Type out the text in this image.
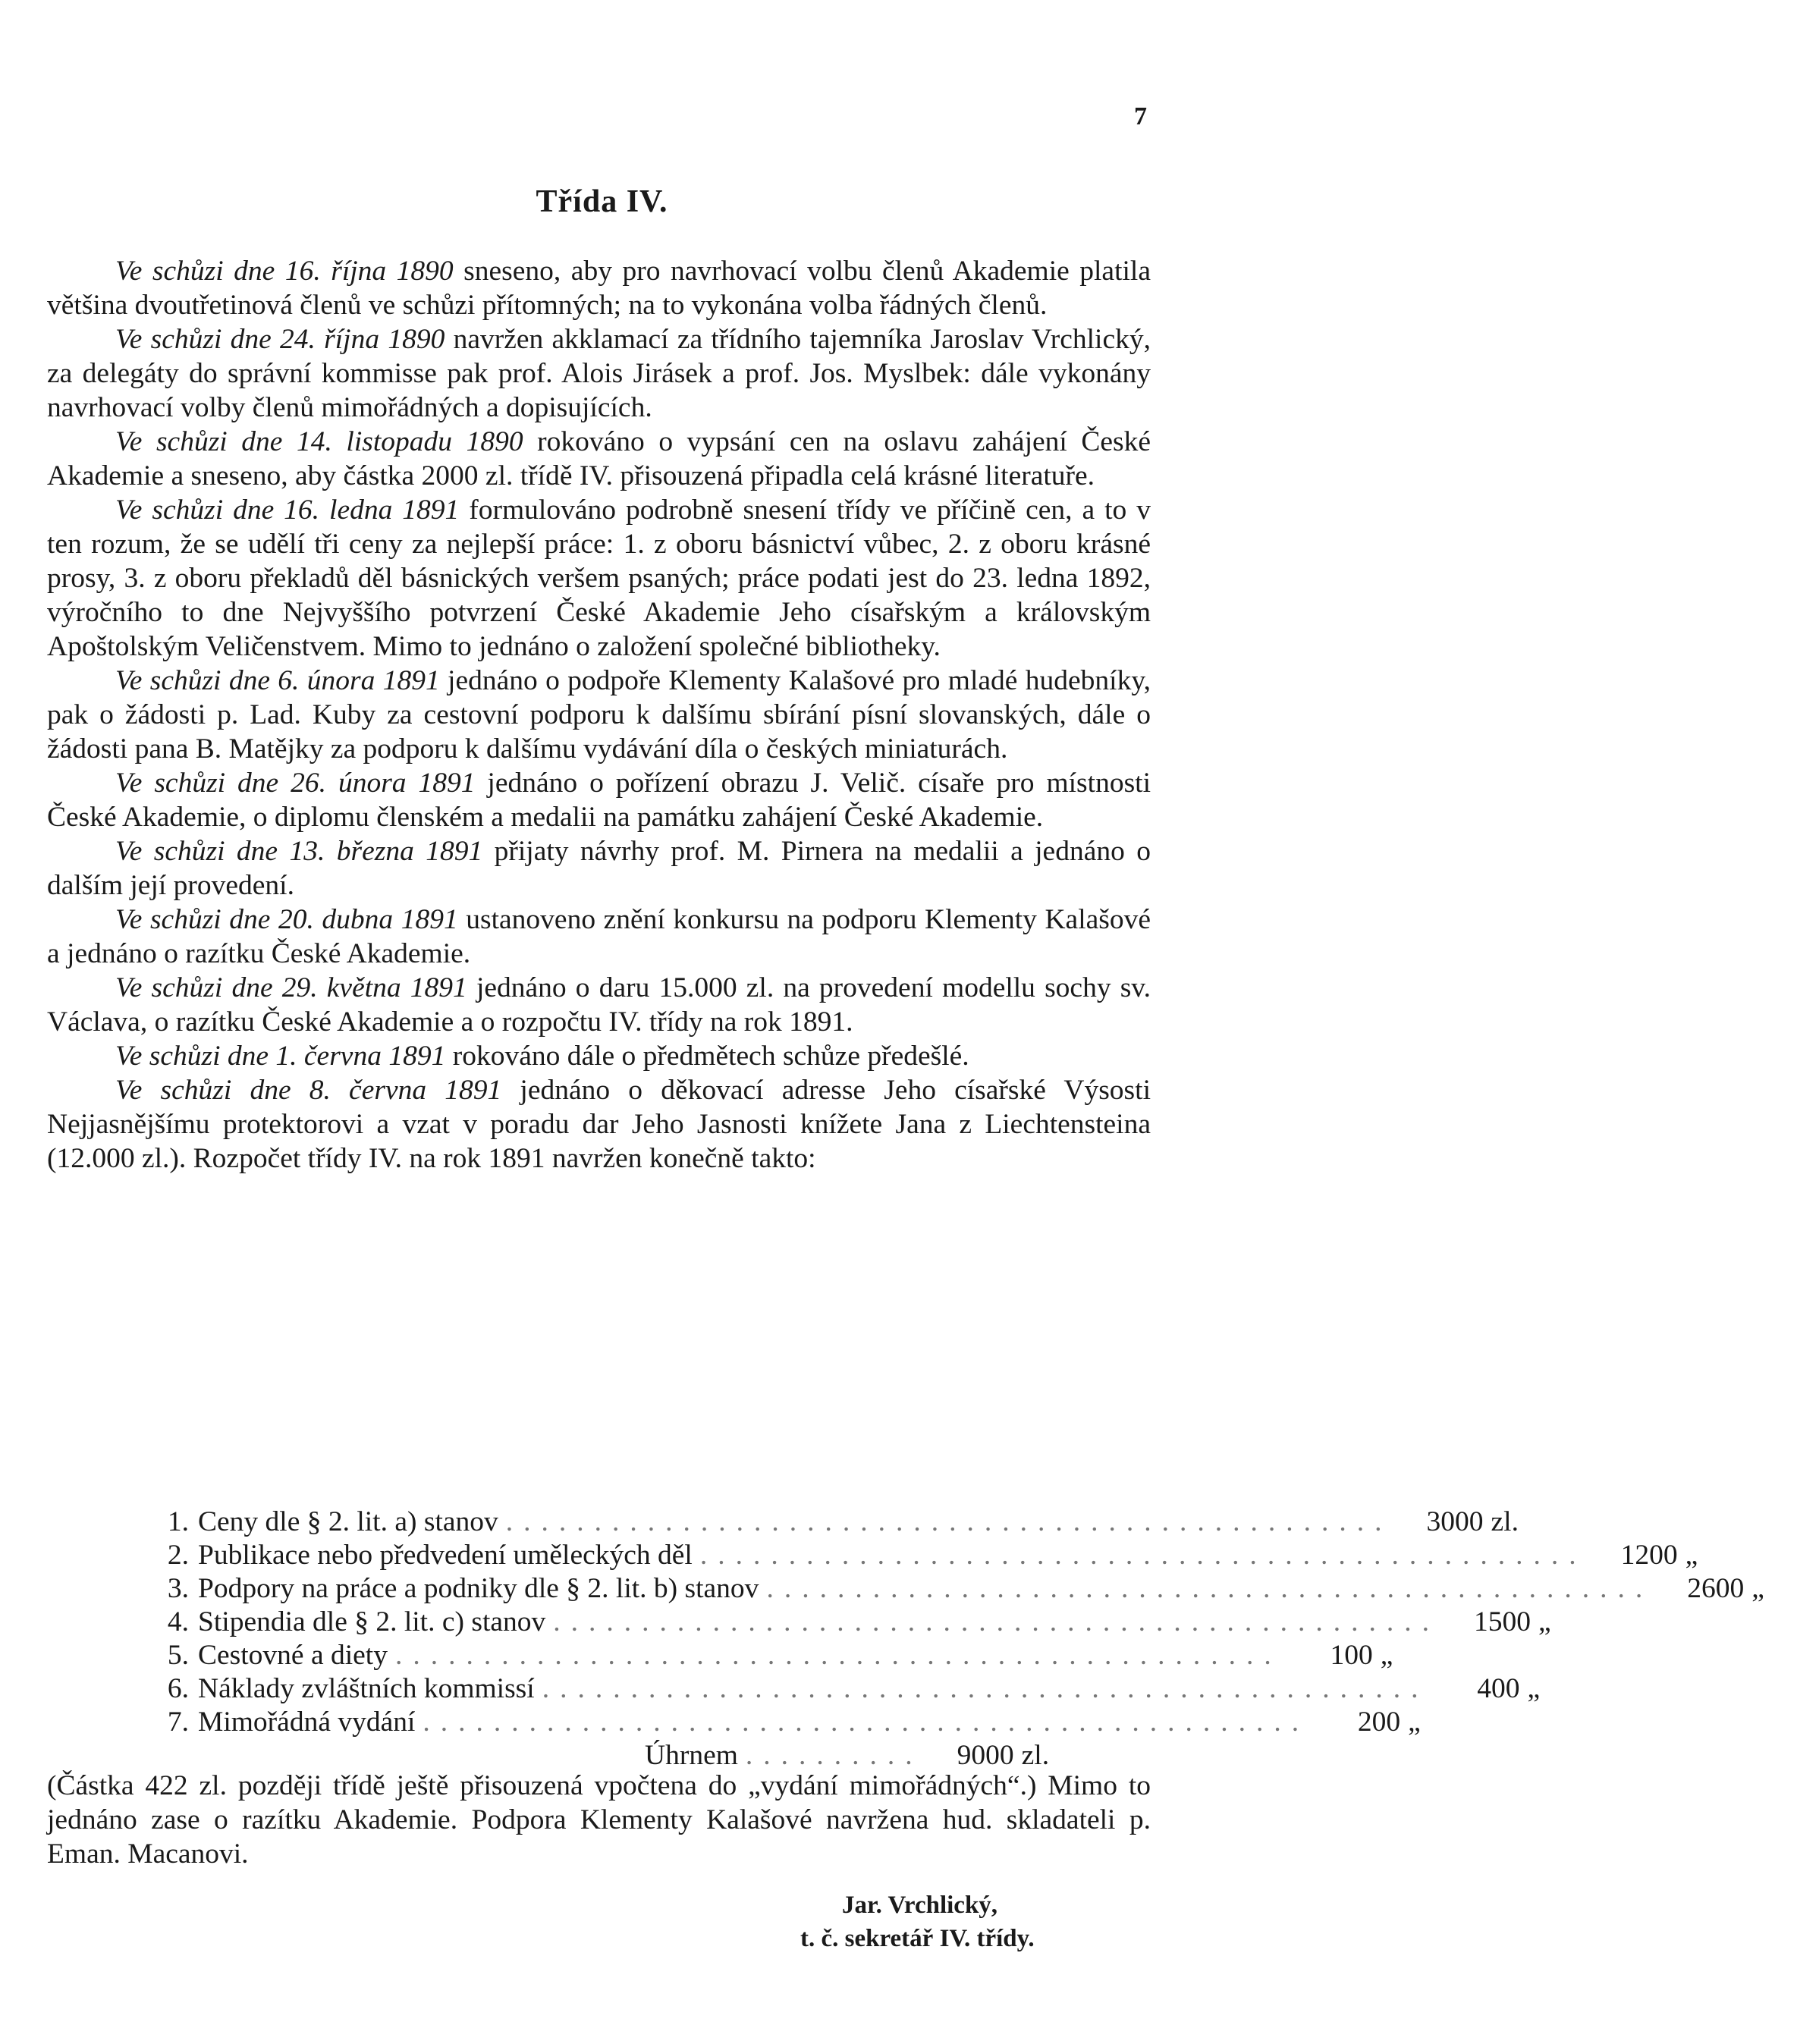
7
Třída IV.

Ve schůzi dne 16. října 1890 sneseno, aby pro navrhovací volbu členů Akademie platila většina dvoutřetinová členů ve schůzi přítomných; na to vykonána volba řádných členů.

Ve schůzi dne 24. října 1890 navržen akklamací za třídního tajemníka Jaroslav Vrchlický, za delegáty do správní kommisse pak prof. Alois Jirásek a prof. Jos. Myslbek: dále vykonány navrhovací volby členů mimořádných a dopisujících.

Ve schůzi dne 14. listopadu 1890 rokováno o vypsání cen na oslavu zahájení České Akademie a sneseno, aby částka 2000 zl. třídě IV. přisouzená připadla celá krásné literatuře.

Ve schůzi dne 16. ledna 1891 formulováno podrobně snesení třídy ve příčině cen, a to v ten rozum, že se udělí tři ceny za nejlepší práce: 1. z oboru básnictví vůbec, 2. z oboru krásné prosy, 3. z oboru překladů děl básnických veršem psaných; práce podati jest do 23. ledna 1892, výročního to dne Nejvyššího potvrzení České Akademie Jeho císařským a královským Apoštolským Veličenstvem. Mimo to jednáno o založení společné bibliotheky.

Ve schůzi dne 6. února 1891 jednáno o podpoře Klementy Kalašové pro mladé hudebníky, pak o žádosti p. Lad. Kuby za cestovní podporu k dalšímu sbírání písní slovanských, dále o žádosti pana B. Matějky za podporu k dalšímu vydávání díla o českých miniaturách.

Ve schůzi dne 26. února 1891 jednáno o pořízení obrazu J. Velič. císaře pro místnosti České Akademie, o diplomu členském a medalii na památku zahájení České Akademie.

Ve schůzi dne 13. března 1891 přijaty návrhy prof. M. Pirnera na medalii a jednáno o dalším její provedení.

Ve schůzi dne 20. dubna 1891 ustanoveno znění konkursu na podporu Klementy Kalašové a jednáno o razítku České Akademie.

Ve schůzi dne 29. května 1891 jednáno o daru 15.000 zl. na provedení modellu sochy sv. Václava, o razítku České Akademie a o rozpočtu IV. třídy na rok 1891.

Ve schůzi dne 1. června 1891 rokováno dále o předmětech schůze předešlé.

Ve schůzi dne 8. června 1891 jednáno o děkovací adresse Jeho císařské Výsosti Nejjasnějšímu protektorovi a vzat v poradu dar Jeho Jasnosti knížete Jana z Liechtensteina (12.000 zl.). Rozpočet třídy IV. na rok 1891 navržen konečně takto:

1. Ceny dle § 2. lit. a) stanov ..................................................	3000 zl.
2. Publikace nebo předvedení uměleckých děl ..................................................	1200 „
3. Podpory na práce a podniky dle § 2. lit. b) stanov ..................................................	2600 „
4. Stipendia dle § 2. lit. c) stanov ..................................................	1500 „
5. Cestovné a diety ..................................................	100 „
6. Náklady zvláštních kommissí ..................................................	400 „
7. Mimořádná vydání ..................................................	200 „
Úhrnem ..........	9000 zl.

(Částka 422 zl. později třídě ještě přisouzená vpočtena do „vydání mimořádných“.) Mimo to jednáno zase o razítku Akademie. Podpora Klementy Kalašové navržena hud. skladateli p. Eman. Macanovi.

Jar. Vrchlický,
t. č. sekretář IV. třídy.
